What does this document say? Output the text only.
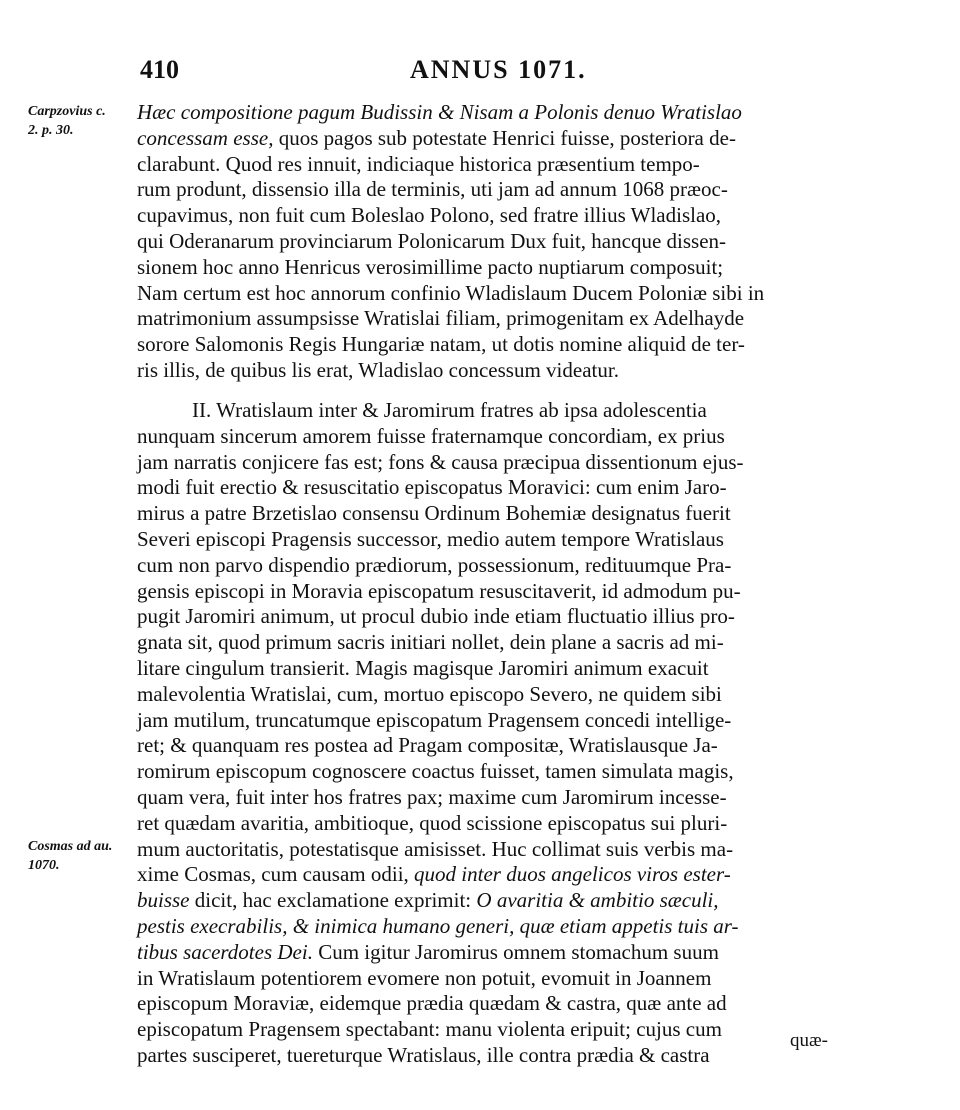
410	ANNUS 1071.
Carpzovius c.
2. p. 30.
Cosmas ad au.
1070.
Hæc compositione pagum Budissin & Nisam a Polonis denuo Wratislao
concessam esse, quos pagos sub potestate Henrici fuisse, posteriora de-
clarabunt. Quod res innuit, indiciaque historica præsentium tempo-
rum produnt, dissensio illa de terminis, uti jam ad annum 1068 præoc-
cupavimus, non fuit cum Boleslao Polono, sed fratre illius Wladislao,
qui Oderanarum provinciarum Polonicarum Dux fuit, hancque dissen-
sionem hoc anno Henricus verosimillime pacto nuptiarum composuit;
Nam certum est hoc annorum confinio Wladislaum Ducem Poloniæ sibi in
matrimonium assumpsisse Wratislai filiam, primogenitam ex Adelhayde
sorore Salomonis Regis Hungariæ natam, ut dotis nomine aliquid de ter-
ris illis, de quibus lis erat, Wladislao concessum videatur.
II. Wratislaum inter & Jaromirum fratres ab ipsa adolescentia
nunquam sincerum amorem fuisse fraternamque concordiam, ex prius
jam narratis conjicere fas est; fons & causa præcipua dissentionum ejus-
modi fuit erectio & resuscitatio episcopatus Moravici: cum enim Jaro-
mirus a patre Brzetislao consensu Ordinum Bohemiæ designatus fuerit
Severi episcopi Pragensis successor, medio autem tempore Wratislaus
cum non parvo dispendio prædiorum, possessionum, redituumque Pra-
gensis episcopi in Moravia episcopatum resuscitaverit, id admodum pu-
pugit Jaromiri animum, ut procul dubio inde etiam fluctuatio illius pro-
gnata sit, quod primum sacris initiari nollet, dein plane a sacris ad mi-
litare cingulum transierit. Magis magisque Jaromiri animum exacuit
malevolentia Wratislai, cum, mortuo episcopo Severo, ne quidem sibi
jam mutilum, truncatumque episcopatum Pragensem concedi intellige-
ret; & quanquam res postea ad Pragam compositæ, Wratislausque Ja-
romirum episcopum cognoscere coactus fuisset, tamen simulata magis,
quam vera, fuit inter hos fratres pax; maxime cum Jaromirum incesse-
ret quædam avaritia, ambitioque, quod scissione episcopatus sui pluri-
mum auctoritatis, potestatisque amisisset. Huc collimat suis verbis ma-
xime Cosmas, cum causam odii, quod inter duos angelicos viros ester-
buisse dicit, hac exclamatione exprimit: O avaritia & ambitio sæculi,
pestis execrabilis, & inimica humano generi, quæ etiam appetis tuis ar-
tibus sacerdotes Dei. Cum igitur Jaromirus omnem stomachum suum
in Wratislaum potentiorem evomere non potuit, evomuit in Joannem
episcopum Moraviæ, eidemque prædia quædam & castra, quæ ante ad
episcopatum Pragensem spectabant: manu violenta eripuit; cujus cum
partes susciperet, tuereturque Wratislaus, ille contra prædia & castra
quæ-
